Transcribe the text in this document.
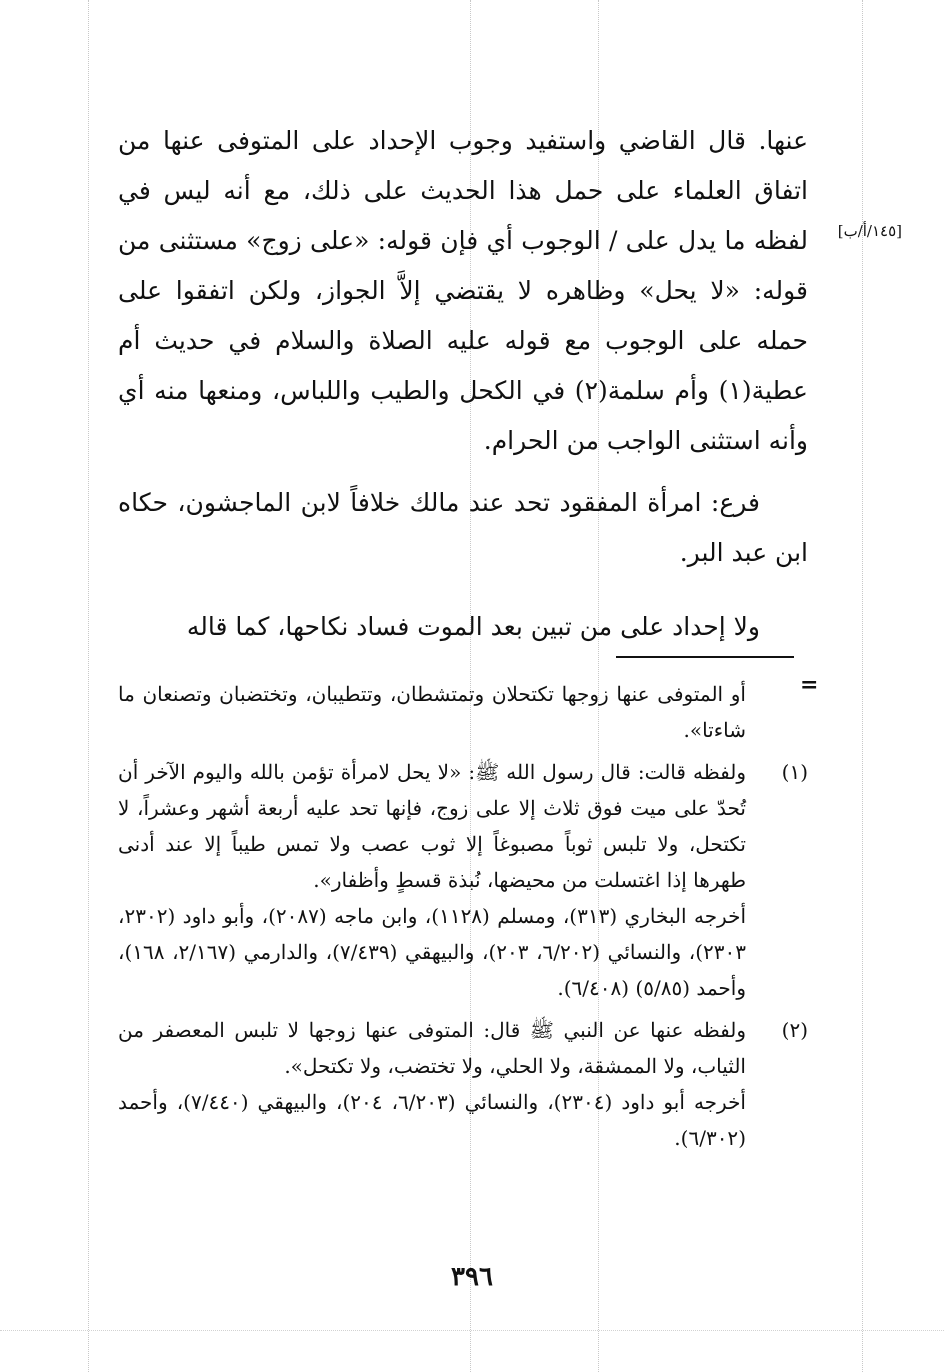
[١٤٥/أ/ب]

عنها. قال القاضي واستفيد وجوب الإحداد على المتوفى عنها من اتفاق العلماء على حمل هذا الحديث على ذلك، مع أنه ليس في لفظه ما يدل على / الوجوب أي فإن قوله: «على زوج» مستثنى من قوله: «لا يحل» وظاهره لا يقتضي إلاَّ الجواز، ولكن اتفقوا على حمله على الوجوب مع قوله عليه الصلاة والسلام في حديث أم عطية(١) وأم سلمة(٢) في الكحل والطيب واللباس، ومنعها منه أي وأنه استثنى الواجب من الحرام.

فرع: امرأة المفقود تحد عند مالك خلافاً لابن الماجشون، حكاه ابن عبد البر.

ولا إحداد على من تبين بعد الموت فساد نكاحها، كما قاله

=
أو المتوفى عنها زوجها تكتحلان وتمتشطان، وتتطيبان، وتختضبان وتصنعان ما شاءتا».
(١)

ولفظه قالت: قال رسول الله ﷺ: «لا يحل لامرأة تؤمن بالله واليوم الآخر أن تُحدّ على ميت فوق ثلاث إلا على زوج، فإنها تحد عليه أربعة أشهر وعشراً، لا تكتحل، ولا تلبس ثوباً مصبوغاً إلا ثوب عصب ولا تمس طيباً إلا عند أدنى طهرها إذا اغتسلت من محيضها، نُبذة قسطٍ وأظفار».

أخرجه البخاري (٣١٣)، ومسلم (١١٢٨)، وابن ماجه (٢٠٨٧)، وأبو داود (٢٣٠٢، ٢٣٠٣)، والنسائي (٦/٢٠٢، ٢٠٣)، والبيهقي (٧/٤٣٩)، والدارمي (٢/١٦٧، ١٦٨)، وأحمد (٥/٨٥) (٦/٤٠٨).

(٢)

ولفظه عنها عن النبي ﷺ قال: المتوفى عنها زوجها لا تلبس المعصفر من الثياب، ولا الممشقة، ولا الحلي، ولا تختضب، ولا تكتحل».

أخرجه أبو داود (٢٣٠٤)، والنسائي (٦/٢٠٣، ٢٠٤)، والبيهقي (٧/٤٤٠)، وأحمد (٦/٣٠٢).

٣٩٦
